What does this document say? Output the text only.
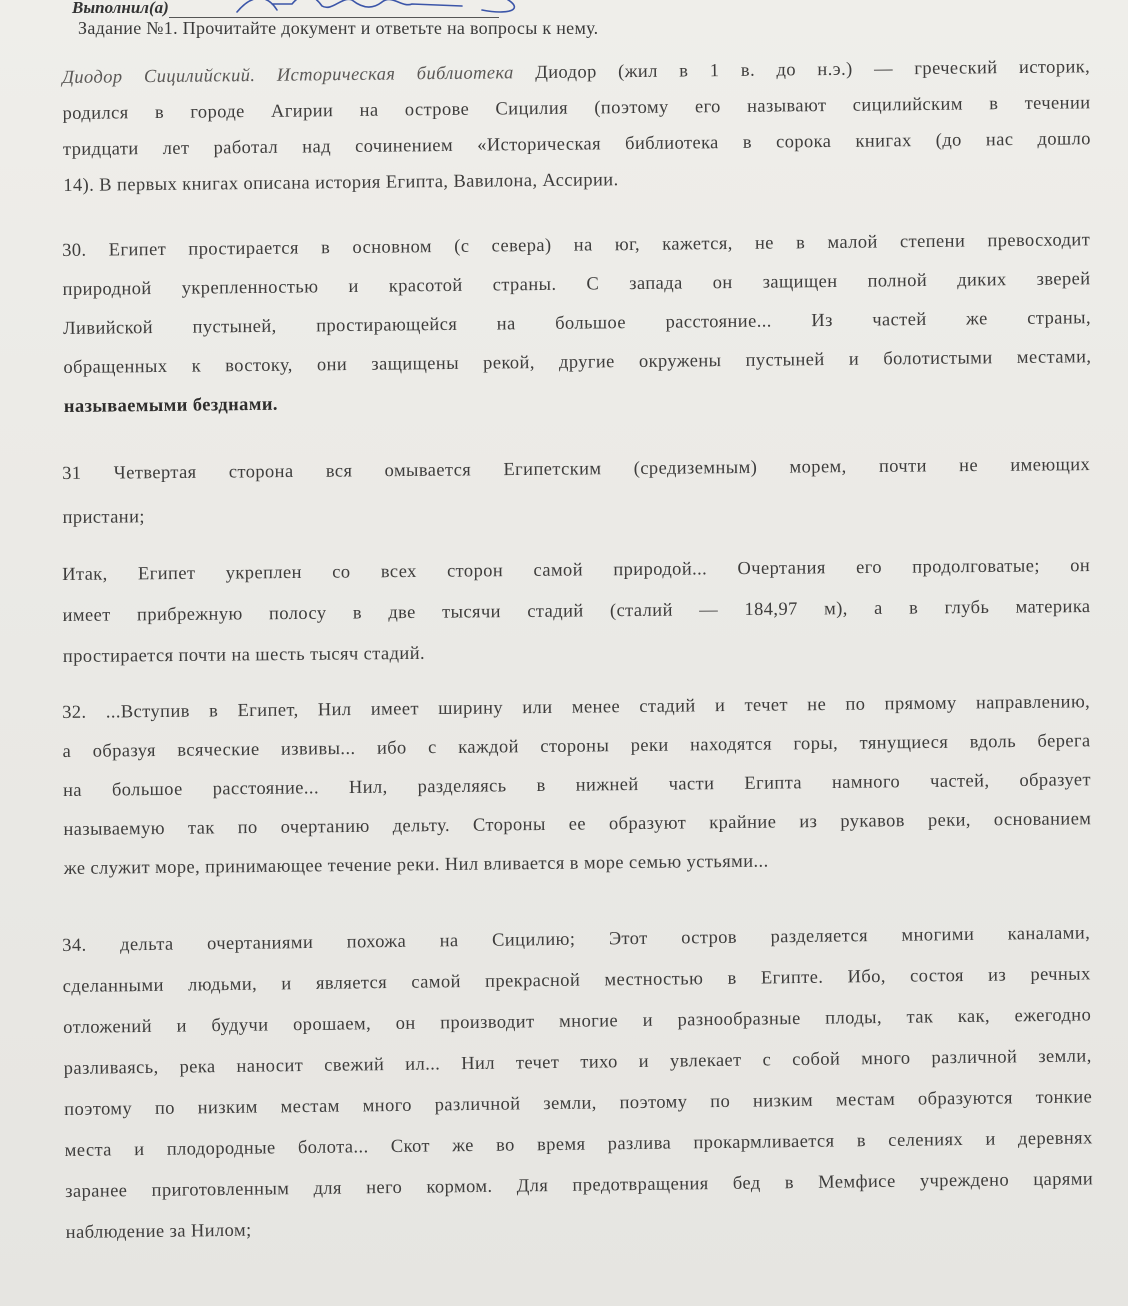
Выполнил(а)
Задание №1. Прочитайте документ и ответьте на вопросы к нему.
Диодор Сицилийский. Историческая библиотека Диодор (жил в 1 в. до н.э.) — греческий историк,
родился в городе Агирии на острове Сицилия (поэтому его называют сицилийским в течении
тридцати лет работал над сочинением «Историческая библиотека в сорока книгах (до нас дошло
14). В первых книгах описана история Египта, Вавилона, Ассирии.
30. Египет простирается в основном (с севера) на юг, кажется, не в малой степени превосходит
природной укрепленностью и красотой страны. С запада он защищен полной диких зверей
Ливийской пустыней, простирающейся на большое расстояние... Из частей же страны,
обращенных к востоку, они защищены рекой, другие окружены пустыней и болотистыми местами,
называемыми безднами.
31 Четвертая сторона вся омывается Египетским (средиземным) морем, почти не имеющих
пристани;
Итак, Египет укреплен со всех сторон самой природой... Очертания его продолговатые; он
имеет прибрежную полосу в две тысячи стадий (сталий — 184,97 м), а в глубь материка
простирается почти на шесть тысяч стадий.
32. ...Вступив в Египет, Нил имеет ширину или менее стадий и течет не по прямому направлению,
а образуя всяческие извивы... ибо с каждой стороны реки находятся горы, тянущиеся вдоль берега
на большое расстояние... Нил, разделяясь в нижней части Египта намного частей, образует
называемую так по очертанию дельту. Стороны ее образуют крайние из рукавов реки, основанием
же служит море, принимающее течение реки. Нил вливается в море семью устьями...
34. дельта очертаниями похожа на Сицилию; Этот остров разделяется многими каналами,
сделанными людьми, и является самой прекрасной местностью в Египте. Ибо, состоя из речных
отложений и будучи орошаем, он производит многие и разнообразные плоды, так как, ежегодно
разливаясь, река наносит свежий ил... Нил течет тихо и увлекает с собой много различной земли,
поэтому по низким местам много различной земли, поэтому по низким местам образуются тонкие
места и плодородные болота... Скот же во время разлива прокармливается в селениях и деревнях
заранее приготовленным для него кормом. Для предотвращения бед в Мемфисе учреждено царями
наблюдение за Нилом;
